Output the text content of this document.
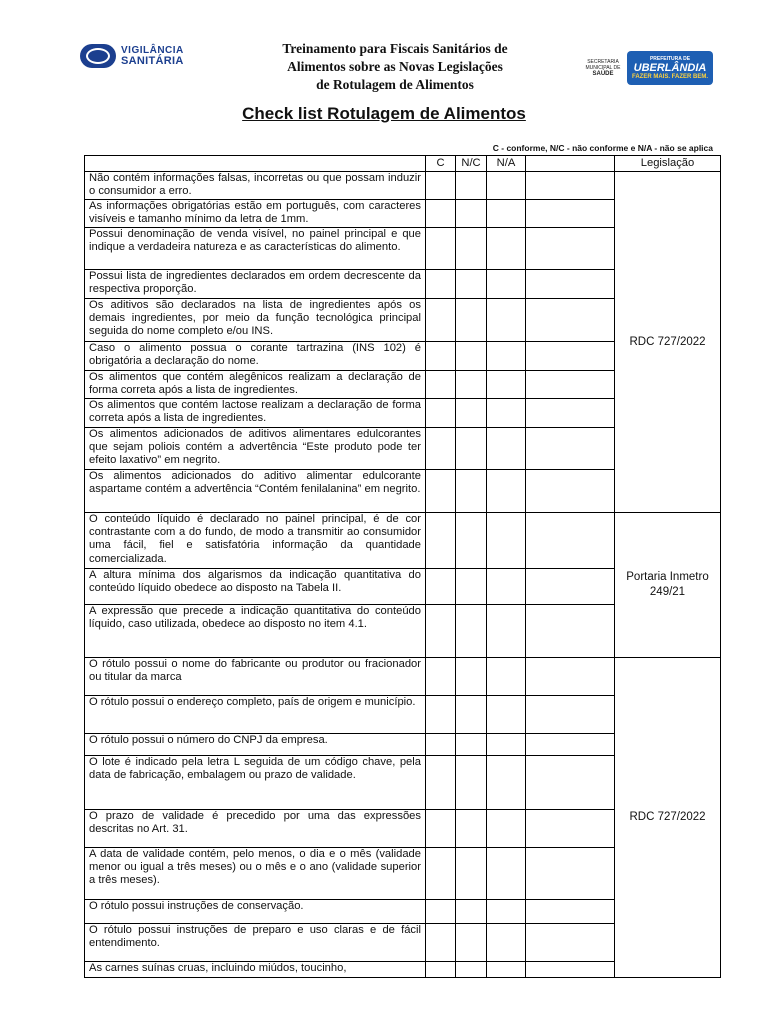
VIGILÂNCIA
SANITÁRIA
Treinamento para Fiscais Sanitários de
Alimentos sobre as Novas Legislações
de Rotulagem de Alimentos
SECRETARIA MUNICIPAL DE
SAÚDE
PREFEITURA DE
UBERLÂNDIA
FAZER MAIS. FAZER BEM.
Check list Rotulagem de Alimentos
C - conforme, N/C - não conforme e N/A - não se aplica
	C	N/C	N/A		Legislação
Não contém informações falsas, incorretas ou que possam induzir o consumidor a erro.					RDC 727/2022
As informações obrigatórias estão em português, com caracteres visíveis e tamanho mínimo da letra de 1mm.					
Possui denominação de venda visível, no painel principal e que indique a verdadeira natureza e as características do alimento.					
Possui lista de ingredientes declarados em ordem decrescente da respectiva proporção.					
Os aditivos são declarados na lista de ingredientes após os demais ingredientes, por meio da função tecnológica principal seguida do nome completo e/ou INS.					
Caso o alimento possua o corante tartrazina (INS 102) é obrigatória a declaração do nome.					
Os alimentos que contém alegênicos realizam a declaração de forma correta após a lista de ingredientes.					
Os alimentos que contém lactose realizam a declaração de forma correta após a lista de ingredientes.					
Os alimentos adicionados de aditivos alimentares edulcorantes que sejam poliois contém a advertência “Este produto pode ter efeito laxativo” em negrito.					
Os alimentos adicionados do aditivo alimentar edulcorante aspartame contém a advertência “Contém fenilalanina” em negrito.					
O conteúdo líquido é declarado no painel principal, é de cor contrastante com a do fundo, de modo a transmitir ao consumidor uma fácil, fiel e satisfatória informação da quantidade comercializada.					Portaria Inmetro 249/21
A altura mínima dos algarismos da indicação quantitativa do conteúdo líquido obedece ao disposto na Tabela II.					
A expressão que precede a indicação quantitativa do conteúdo líquido, caso utilizada, obedece ao disposto no item 4.1.					
O rótulo possui o nome do fabricante ou produtor ou fracionador ou titular da marca					RDC 727/2022
O rótulo possui o endereço completo, país de origem e município.					
O rótulo possui o número do CNPJ da empresa.					
O lote é indicado pela letra L seguida de um código chave, pela data de fabricação, embalagem ou prazo de validade.					
O prazo de validade é precedido por uma das expressões descritas no Art. 31.					
A data de validade contém, pelo menos, o dia e o mês (validade menor ou igual a três meses) ou o mês e o ano (validade superior a três meses).					
O rótulo possui instruções de conservação.					
O rótulo possui instruções de preparo e uso claras e de fácil entendimento.					
As carnes suínas cruas, incluindo miúdos, toucinho,					
